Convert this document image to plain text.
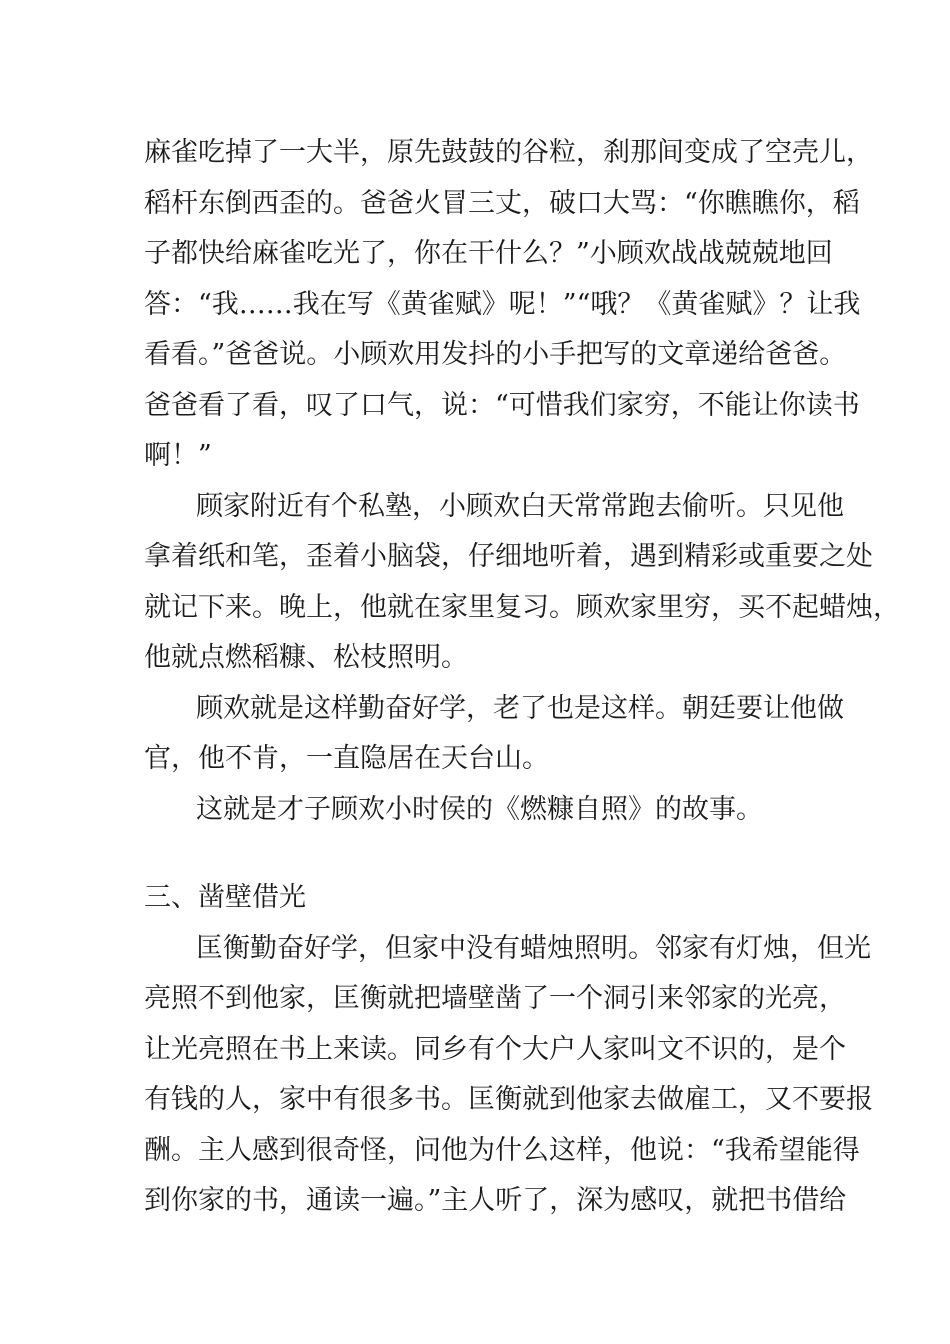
麻雀吃掉了一大半，原先鼓鼓的谷粒，刹那间变成了空壳儿，
稻杆东倒西歪的。爸爸火冒三丈，破口大骂：“你瞧瞧你，稻
子都快给麻雀吃光了，你在干什么？”小顾欢战战兢兢地回
答：“我……我在写《黄雀赋》呢！”“哦？《黄雀赋》？让我
看看。”爸爸说。小顾欢用发抖的小手把写的文章递给爸爸。
爸爸看了看，叹了口气，说：“可惜我们家穷，不能让你读书
啊！”
顾家附近有个私塾，小顾欢白天常常跑去偷听。只见他
拿着纸和笔，歪着小脑袋，仔细地听着，遇到精彩或重要之处
就记下来。晚上，他就在家里复习。顾欢家里穷，买不起蜡烛，
他就点燃稻糠、松枝照明。
顾欢就是这样勤奋好学，老了也是这样。朝廷要让他做
官，他不肯，一直隐居在天台山。
这就是才子顾欢小时侯的《燃糠自照》的故事。
三、凿壁借光
匡衡勤奋好学，但家中没有蜡烛照明。邻家有灯烛，但光
亮照不到他家，匡衡就把墙壁凿了一个洞引来邻家的光亮，
让光亮照在书上来读。同乡有个大户人家叫文不识的，是个
有钱的人，家中有很多书。匡衡就到他家去做雇工，又不要报
酬。主人感到很奇怪，问他为什么这样，他说：“我希望能得
到你家的书，通读一遍。”主人听了，深为感叹，就把书借给
